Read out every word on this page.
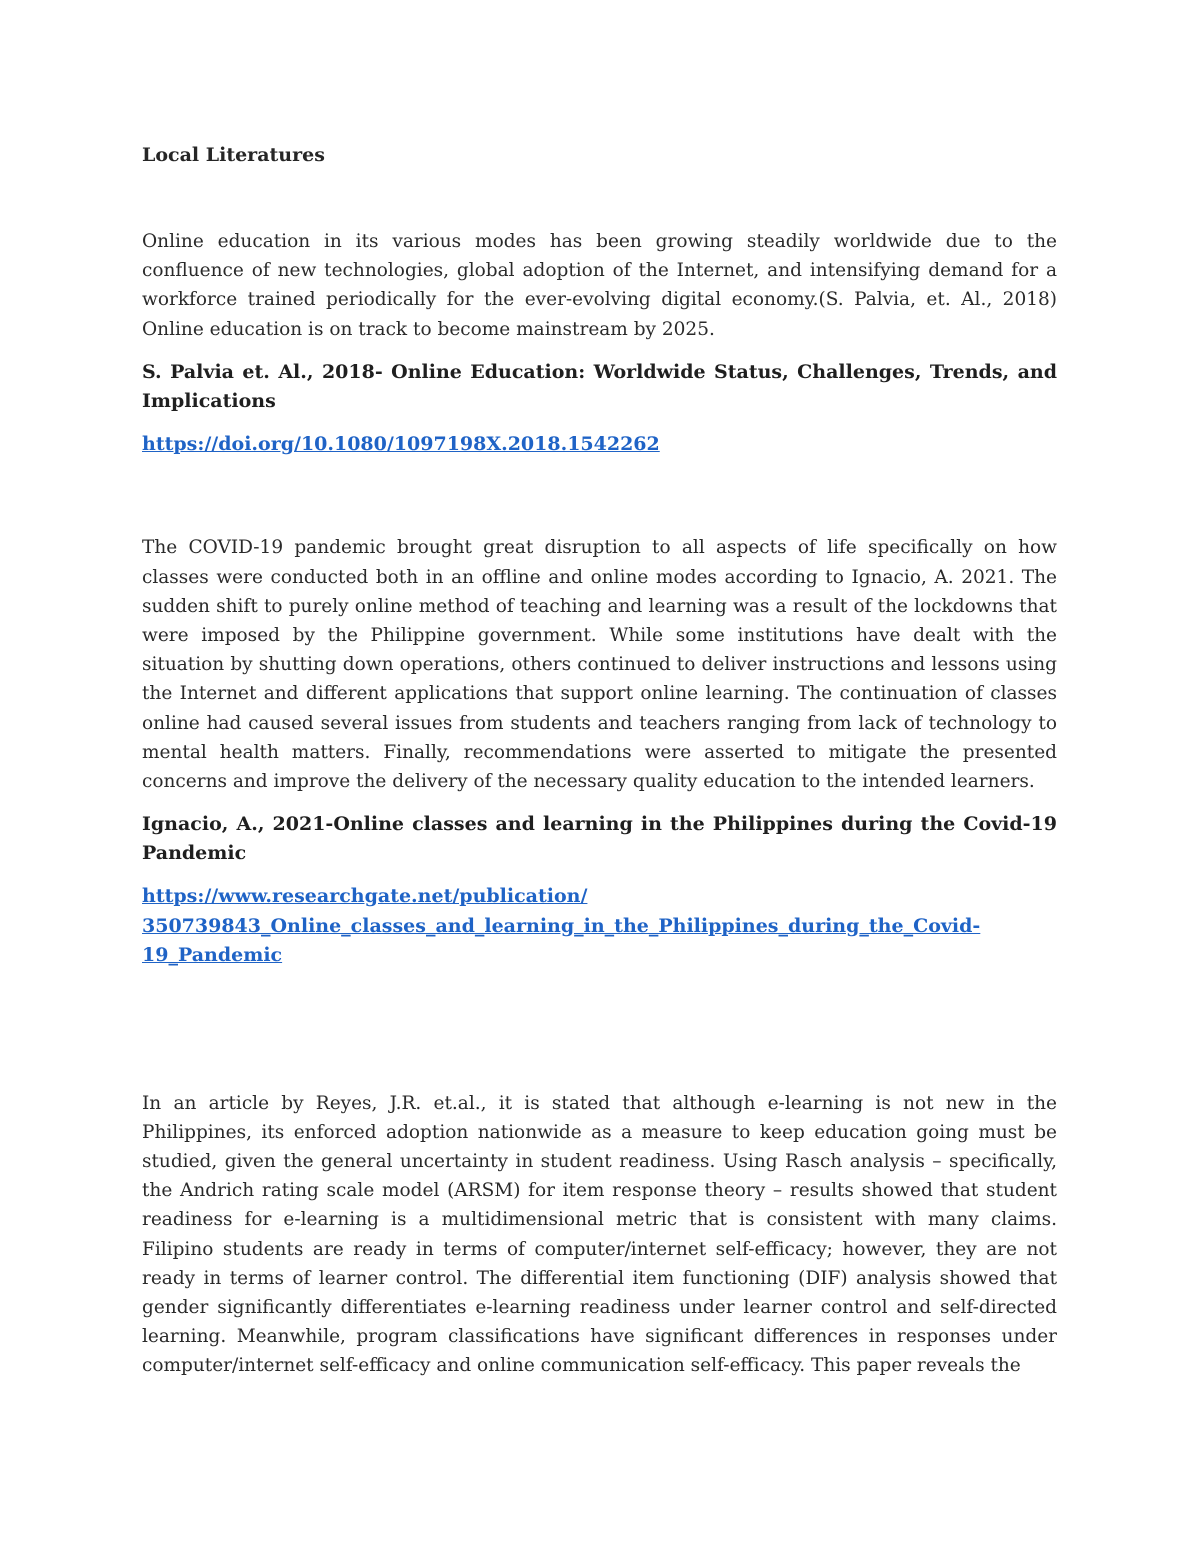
Local Literatures

Online education in its various modes has been growing steadily worldwide due to the confluence of new technologies, global adoption of the Internet, and intensifying demand for a workforce trained periodically for the ever-evolving digital economy.(S. Palvia, et. Al., 2018) Online education is on track to become mainstream by 2025.

S. Palvia et. Al., 2018- Online Education: Worldwide Status, Challenges, Trends, and Implications
https://doi.org/10.1080/1097198X.2018.1542262

The COVID-19 pandemic brought great disruption to all aspects of life specifically on how classes were conducted both in an offline and online modes according to Ignacio, A. 2021. The sudden shift to purely online method of teaching and learning was a result of the lockdowns that were imposed by the Philippine government. While some institutions have dealt with the situation by shutting down operations, others continued to deliver instructions and lessons using the Internet and different applications that support online learning. The continuation of classes online had caused several issues from students and teachers ranging from lack of technology to mental health matters. Finally, recommendations were asserted to mitigate the presented concerns and improve the delivery of the necessary quality education to the intended learners.

Ignacio, A., 2021-Online classes and learning in the Philippines during the Covid-19 Pandemic
https://www.researchgate.net/publication/
350739843_Online_classes_and_learning_in_the_Philippines_during_the_Covid-
19_Pandemic

In an article by Reyes, J.R. et.al., it is stated that although e-learning is not new in the Philippines, its enforced adoption nationwide as a measure to keep education going must be studied, given the general uncertainty in student readiness. Using Rasch analysis – specifically, the Andrich rating scale model (ARSM) for item response theory – results showed that student readiness for e-learning is a multidimensional metric that is consistent with many claims. Filipino students are ready in terms of computer/internet self-efficacy; however, they are not ready in terms of learner control. The differential item functioning (DIF) analysis showed that gender significantly differentiates e-learning readiness under learner control and self-directed learning. Meanwhile, program classifications have significant differences in responses under computer/internet self-efficacy and online communication self-efficacy. This paper reveals the
